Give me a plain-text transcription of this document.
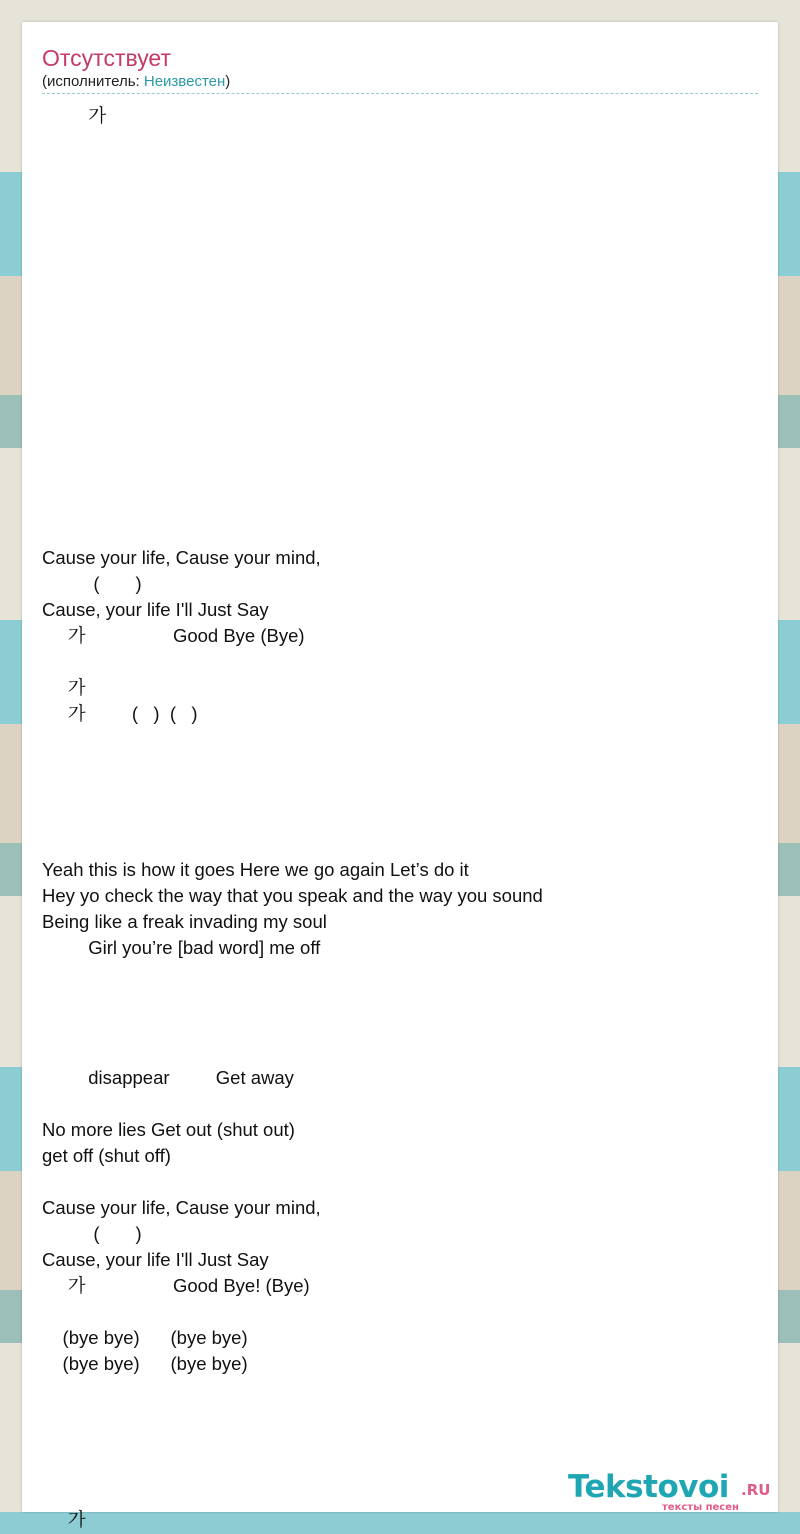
Отсутствует
(исполнитель: Неизвестен)
가
Cause your life, Cause your mind,
(       )
Cause, your life I'll Just Say
가                 Good Bye (Bye)
가
가         (   )  (   )
Yeah this is how it goes Here we go again Let’s do it
Hey yo check the way that you speak and the way you sound
Being like a freak invading my soul
Girl you’re [bad word] me off
disappear         Get away
No more lies Get out (shut out)
get off (shut off)
Cause your life, Cause your mind,
(       )
Cause, your life I'll Just Say
가                 Good Bye! (Bye)
(bye bye)      (bye bye)
(bye bye)      (bye bye)
가
Tekstovoi .RU
тексты песен
